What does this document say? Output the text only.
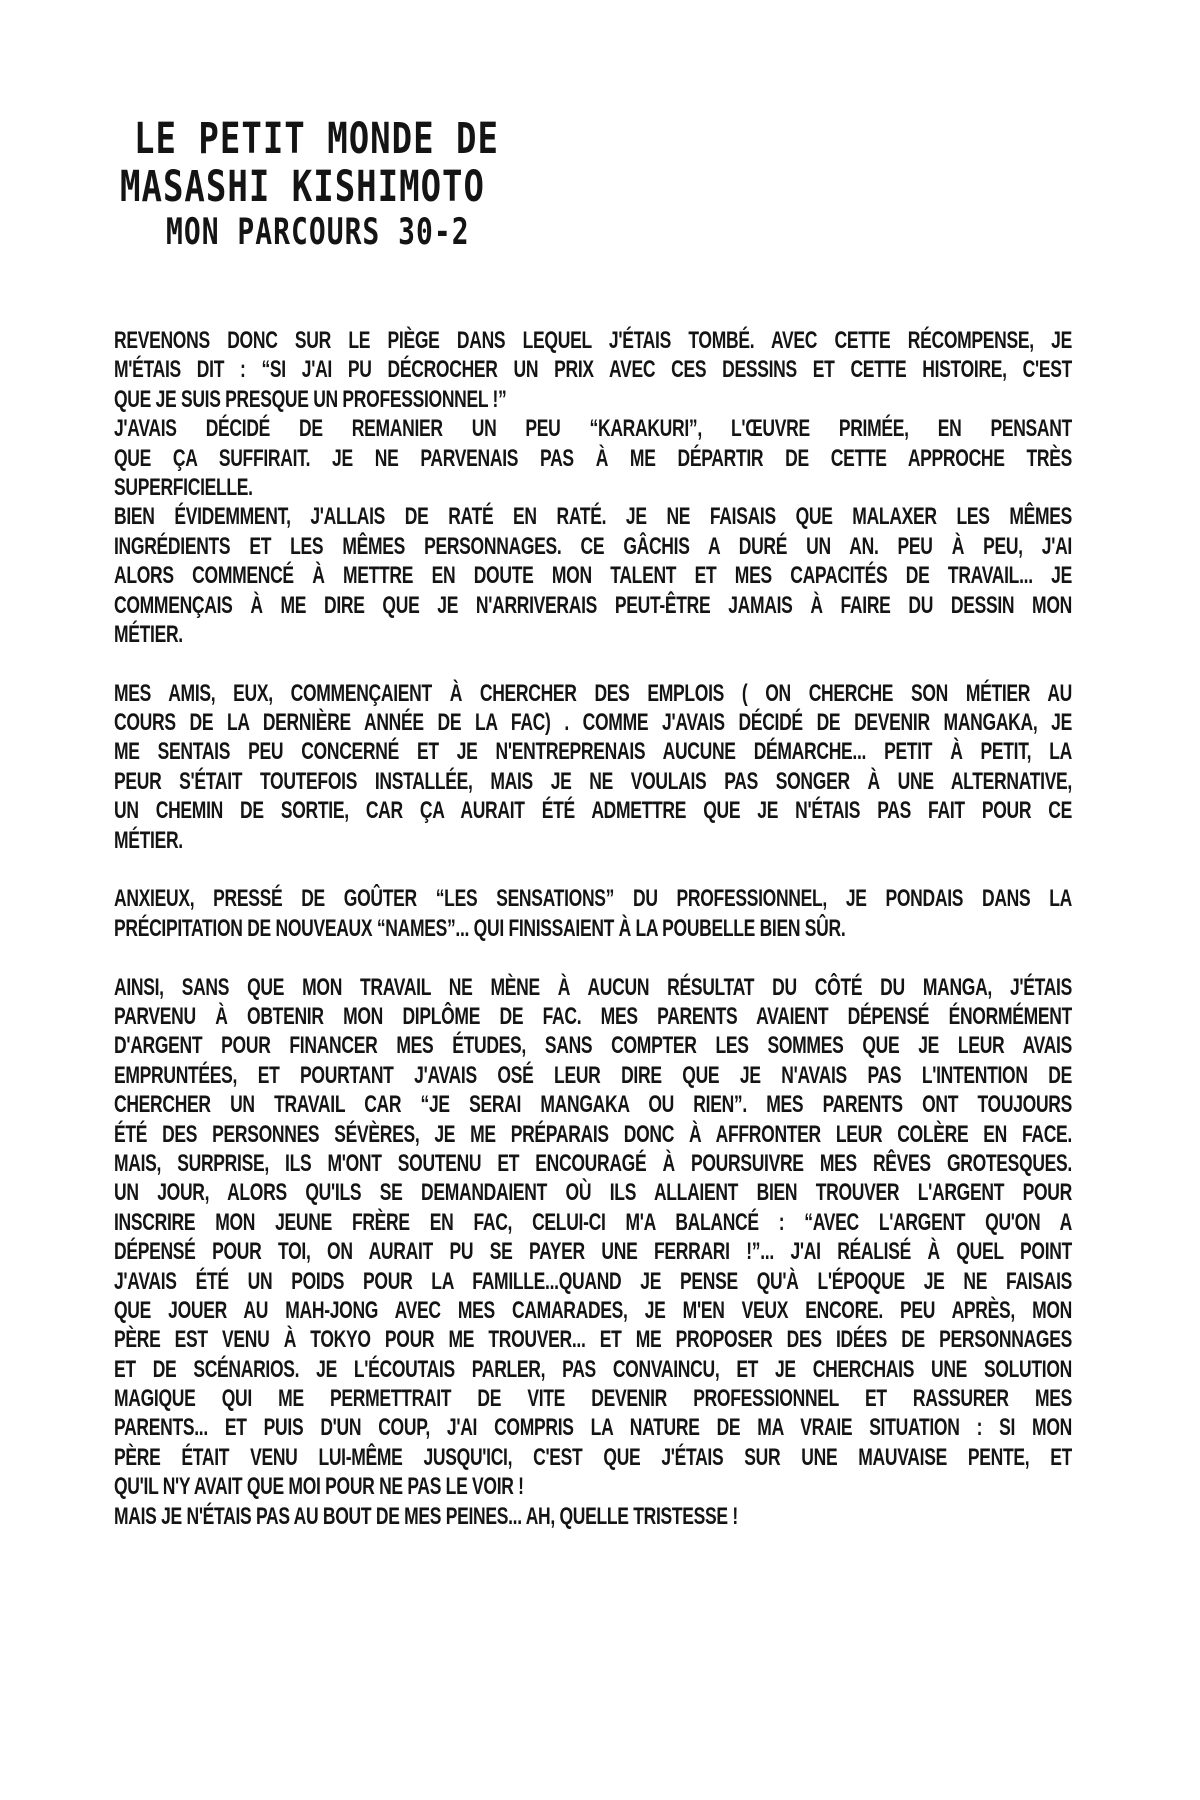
LE PETIT MONDE DE
MASASHI KISHIMOTO
MON PARCOURS 30-2
REVENONS DONC SUR LE PIÈGE DANS LEQUEL J'ÉTAIS TOMBÉ. AVEC CETTE RÉCOMPENSE, JE
M'ÉTAIS DIT : “SI J'AI PU DÉCROCHER UN PRIX AVEC CES DESSINS ET CETTE HISTOIRE, C'EST
QUE JE SUIS PRESQUE UN PROFESSIONNEL !”
J'AVAIS DÉCIDÉ DE REMANIER UN PEU “KARAKURI”, L'ŒUVRE PRIMÉE, EN PENSANT
QUE ÇA SUFFIRAIT. JE NE PARVENAIS PAS À ME DÉPARTIR DE CETTE APPROCHE TRÈS
SUPERFICIELLE.
BIEN ÉVIDEMMENT, J'ALLAIS DE RATÉ EN RATÉ. JE NE FAISAIS QUE MALAXER LES MÊMES
INGRÉDIENTS ET LES MÊMES PERSONNAGES. CE GÂCHIS A DURÉ UN AN. PEU À PEU, J'AI
ALORS COMMENCÉ À METTRE EN DOUTE MON TALENT ET MES CAPACITÉS DE TRAVAIL... JE
COMMENÇAIS À ME DIRE QUE JE N'ARRIVERAIS PEUT-ÊTRE JAMAIS À FAIRE DU DESSIN MON
MÉTIER.
MES AMIS, EUX, COMMENÇAIENT À CHERCHER DES EMPLOIS ( ON CHERCHE SON MÉTIER AU
COURS DE LA DERNIÈRE ANNÉE DE LA FAC) . COMME J'AVAIS DÉCIDÉ DE DEVENIR MANGAKA, JE
ME SENTAIS PEU CONCERNÉ ET JE N'ENTREPRENAIS AUCUNE DÉMARCHE... PETIT À PETIT, LA
PEUR S'ÉTAIT TOUTEFOIS INSTALLÉE, MAIS JE NE VOULAIS PAS SONGER À UNE ALTERNATIVE,
UN CHEMIN DE SORTIE, CAR ÇA AURAIT ÉTÉ ADMETTRE QUE JE N'ÉTAIS PAS FAIT POUR CE
MÉTIER.
ANXIEUX, PRESSÉ DE GOÛTER “LES SENSATIONS” DU PROFESSIONNEL, JE PONDAIS DANS LA
PRÉCIPITATION DE NOUVEAUX “NAMES”... QUI FINISSAIENT À LA POUBELLE BIEN SÛR.
AINSI, SANS QUE MON TRAVAIL NE MÈNE À AUCUN RÉSULTAT DU CÔTÉ DU MANGA, J'ÉTAIS
PARVENU À OBTENIR MON DIPLÔME DE FAC. MES PARENTS AVAIENT DÉPENSÉ ÉNORMÉMENT
D'ARGENT POUR FINANCER MES ÉTUDES, SANS COMPTER LES SOMMES QUE JE LEUR AVAIS
EMPRUNTÉES, ET POURTANT J'AVAIS OSÉ LEUR DIRE QUE JE N'AVAIS PAS L'INTENTION DE
CHERCHER UN TRAVAIL CAR “JE SERAI MANGAKA OU RIEN”. MES PARENTS ONT TOUJOURS
ÉTÉ DES PERSONNES SÉVÈRES, JE ME PRÉPARAIS DONC À AFFRONTER LEUR COLÈRE EN FACE.
MAIS, SURPRISE, ILS M'ONT SOUTENU ET ENCOURAGÉ À POURSUIVRE MES RÊVES GROTESQUES.
UN JOUR, ALORS QU'ILS SE DEMANDAIENT OÙ ILS ALLAIENT BIEN TROUVER L'ARGENT POUR
INSCRIRE MON JEUNE FRÈRE EN FAC, CELUI-CI M'A BALANCÉ : “AVEC L'ARGENT QU'ON A
DÉPENSÉ POUR TOI, ON AURAIT PU SE PAYER UNE FERRARI !”... J'AI RÉALISÉ À QUEL POINT
J'AVAIS ÉTÉ UN POIDS POUR LA FAMILLE...QUAND JE PENSE QU'À L'ÉPOQUE JE NE FAISAIS
QUE JOUER AU MAH-JONG AVEC MES CAMARADES, JE M'EN VEUX ENCORE. PEU APRÈS, MON
PÈRE EST VENU À TOKYO POUR ME TROUVER... ET ME PROPOSER DES IDÉES DE PERSONNAGES
ET DE SCÉNARIOS. JE L'ÉCOUTAIS PARLER, PAS CONVAINCU, ET JE CHERCHAIS UNE SOLUTION
MAGIQUE QUI ME PERMETTRAIT DE VITE DEVENIR PROFESSIONNEL ET RASSURER MES
PARENTS... ET PUIS D'UN COUP, J'AI COMPRIS LA NATURE DE MA VRAIE SITUATION : SI MON
PÈRE ÉTAIT VENU LUI-MÊME JUSQU'ICI, C'EST QUE J'ÉTAIS SUR UNE MAUVAISE PENTE, ET
QU'IL N'Y AVAIT QUE MOI POUR NE PAS LE VOIR !
MAIS JE N'ÉTAIS PAS AU BOUT DE MES PEINES... AH, QUELLE TRISTESSE !
